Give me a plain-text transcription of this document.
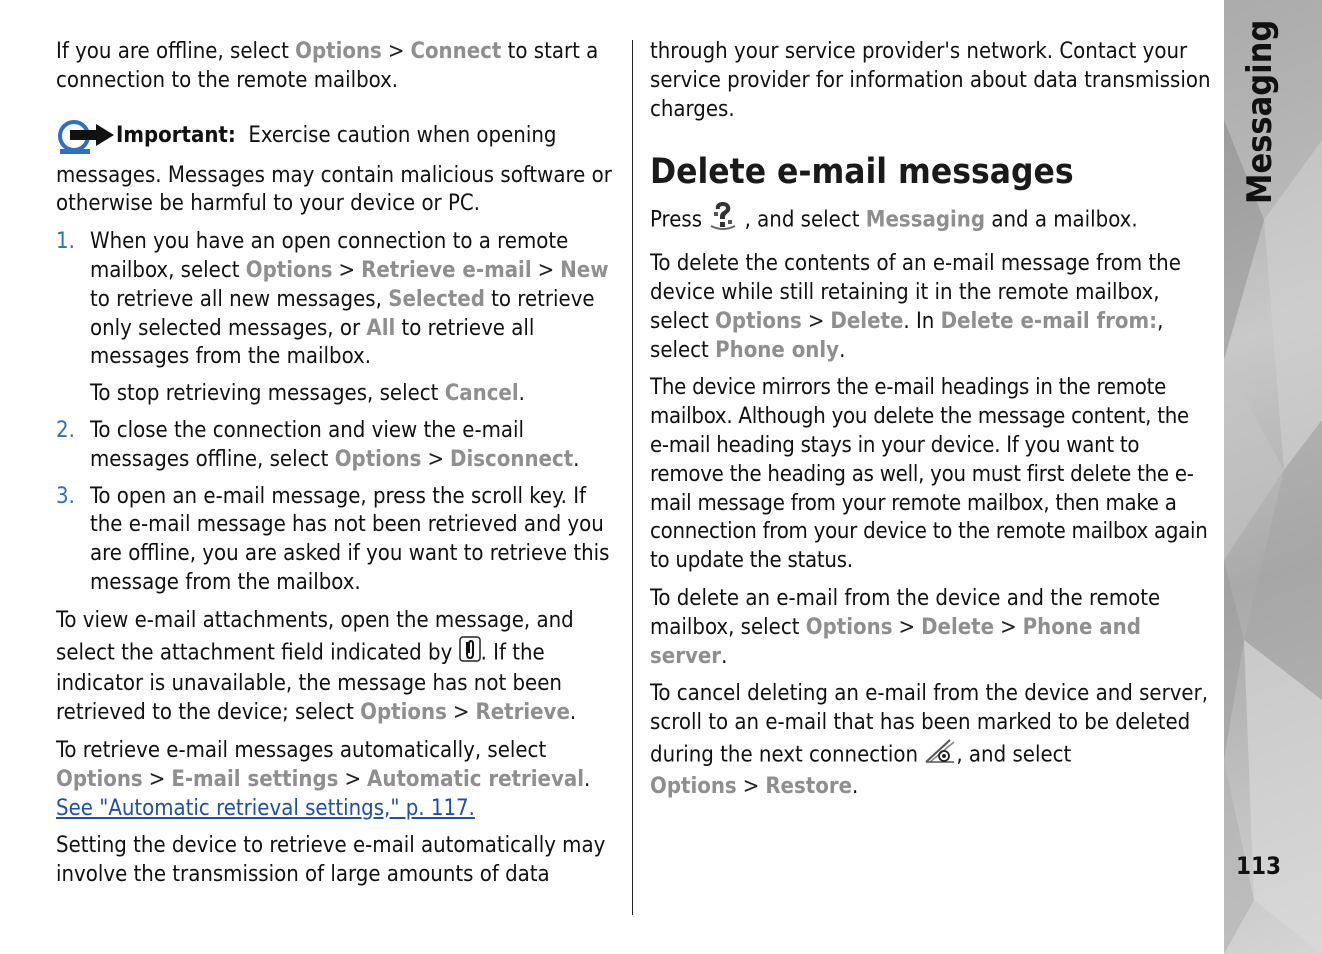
If you are offline, select Options > Connect to start a connection to the remote mailbox.

Important: Exercise caution when opening messages. Messages may contain malicious software or otherwise be harmful to your device or PC.
1. When you have an open connection to a remote mailbox, select Options > Retrieve e-mail > New to retrieve all new messages, Selected to retrieve only selected messages, or All to retrieve all messages from the mailbox.
To stop retrieving messages, select Cancel.
2. To close the connection and view the e-mail messages offline, select Options > Disconnect.
3. To open an e-mail message, press the scroll key. If the e-mail message has not been retrieved and you are offline, you are asked if you want to retrieve this message from the mailbox.

To view e-mail attachments, open the message, and select the attachment field indicated by . If the indicator is unavailable, the message has not been retrieved to the device; select Options > Retrieve.

To retrieve e-mail messages automatically, select Options > E-mail settings > Automatic retrieval. See "Automatic retrieval settings," p. 117.

Setting the device to retrieve e-mail automatically may involve the transmission of large amounts of data

through your service provider's network. Contact your service provider for information about data transmission charges.

Delete e-mail messages

Press  , and select Messaging and a mailbox.

To delete the contents of an e-mail message from the device while still retaining it in the remote mailbox, select Options > Delete. In Delete e-mail from:, select Phone only.

The device mirrors the e-mail headings in the remote mailbox. Although you delete the message content, the e-mail heading stays in your device. If you want to remove the heading as well, you must first delete the e-mail message from your remote mailbox, then make a connection from your device to the remote mailbox again to update the status.

To delete an e-mail from the device and the remote mailbox, select Options > Delete > Phone and server.

To cancel deleting an e-mail from the device and server, scroll to an e-mail that has been marked to be deleted during the next connection , and select Options > Restore.

113
